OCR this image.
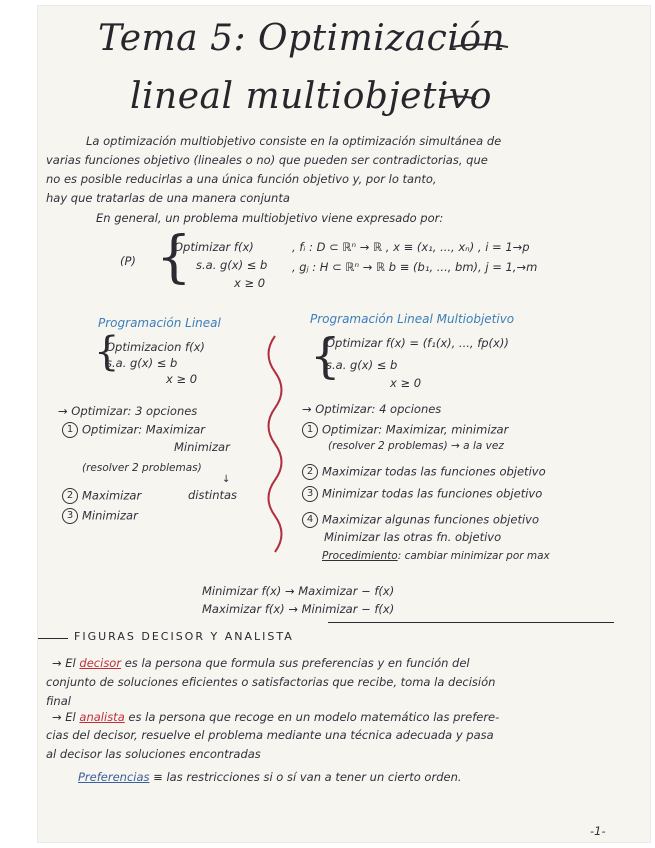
Tema 5: Optimización
lineal multiobjetivo
La optimización multiobjetivo consiste en la optimización simultánea de
varias funciones objetivo (lineales o no) que pueden ser contradictorias, que
no es posible reducirlas a una única función objetivo y, por lo tanto,
hay que tratarlas de una manera conjunta
En general, un problema multiobjetivo viene expresado por:
(P) {
Optimizar f(x)
s.a. g(x) ≤ b
x ≥ 0
, fᵢ : D ⊂ ℝⁿ → ℝ , x ≡ (x₁, ..., xₙ) , i = 1→p
, gⱼ : H ⊂ ℝⁿ → ℝ b ≡ (b₁, ..., bm), j = 1,→m
Programación Lineal
{
Optimizacion f(x)
s.a. g(x) ≤ b
x ≥ 0
→ Optimizar: 3 opciones
1 Optimizar: Maximizar
Minimizar
(resolver 2 problemas)
↓
2 Maximizar	distintas
3 Minimizar
Programación Lineal Multiobjetivo
{
Optimizar f(x) = (f₁(x), ..., fp(x))
s.a. g(x) ≤ b
x ≥ 0
→ Optimizar: 4 opciones
1 Optimizar: Maximizar, minimizar
(resolver 2 problemas) → a la vez
2 Maximizar todas las funciones objetivo
3 Minimizar todas las funciones objetivo
4 Maximizar algunas funciones objetivo
Minimizar las otras fn. objetivo
Procedimiento: cambiar minimizar por max
Minimizar f(x) → Maximizar − f(x)
Maximizar f(x) → Minimizar − f(x)
FIGURAS DECISOR Y ANALISTA
→ El decisor es la persona que formula sus preferencias y en función del
conjunto de soluciones eficientes o satisfactorias que recibe, toma la decisión
final
→ El analista es la persona que recoge en un modelo matemático las prefere-
cias del decisor, resuelve el problema mediante una técnica adecuada y pasa
al decisor las soluciones encontradas
Preferencias ≡ las restricciones si o sí van a tener un cierto orden.
-1-
